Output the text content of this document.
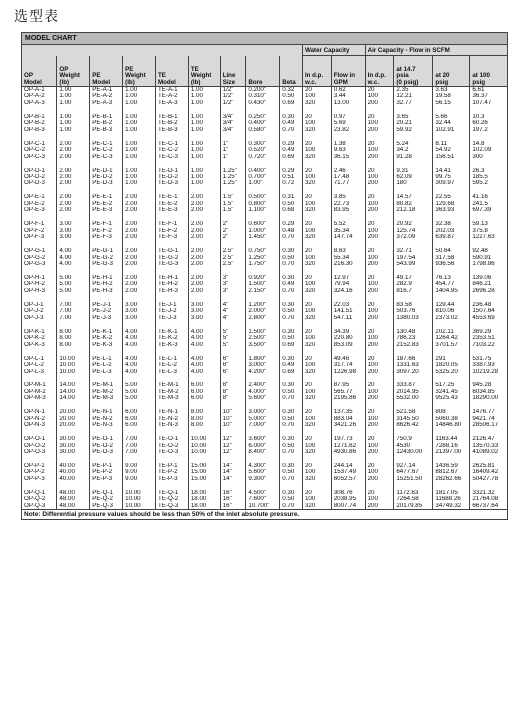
选型表
MODEL CHART
									Water Capacity		Air Capacity - Flow in SCFM			
OP
Model	OP
Weight
(lb)	PE
Model	PE
Weight
(lb)	TE
Model	TE
Weight
(lb)	Line
Size	Bore	Beta	In d.p.
w.c.	Flow in
GPM	In d.p.
w.c.	at 14.7
psia
(0 psig)	at 20
psig	at 100
psig
OP-A-1	1.00	PE-A-1	1.00	TE-A-1	1.00	1/2"	0.200"	0.32	20	0.62	20	2.35	3.63	6.61
OP-A-2	1.00	PE-A-2	1.00	TE-A-2	1.00	1/2"	0.310"	0.50	100	3.44	100	12.21	19.58	36.37
OP-A-3	1.00	PE-A-3	1.00	TE-A-3	1.00	1/2"	0.430"	0.69	320	13.00	200	32.77	56.15	107.47

OP-B-1	1.00	PE-B-1	1.00	TE-B-1	1.00	3/4"	0.250"	0.30	20	0.97	20	3.65	5.66	10.3
OP-B-2	1.00	PE-B-2	1.00	TE-B-2	1.00	3/4"	0.400"	0.49	100	5.69	100	20.21	32.44	60.26
OP-B-3	1.00	PE-B-3	1.00	TE-B-3	1.00	3/4"	0.580"	0.70	320	23.82	200	59.92	102.91	197.2

OP-C-1	2.00	PE-C-1	1.00	TE-C-1	1.00	1"	0.300"	0.29	20	1.38	20	5.24	8.11	14.8
OP-C-2	2.00	PE-C-2	1.00	TE-C-2	1.00	1"	0.520"	0.49	100	9.63	100	34.2	54.92	102.09
OP-C-3	2.00	PE-C-3	1.00	TE-C-3	1.00	1"	0.720"	0.69	320	36.15	200	91.28	156.51	300

OP-D-1	2.00	PE-D-1	1.00	TE-D-1	1.00	1.25"	0.400"	0.29	20	2.46	20	9.31	14.41	26.3
OP-D-2	2.00	PE-D-2	1.00	TE-D-2	1.00	1.25"	0.700"	0.51	100	17.48	100	62.09	99.75	185.5
OP-D-3	2.00	PE-D-3	1.00	TE-D-3	1.00	1.25"	1.00"	0.72	320	71.77	200	180	309.97	595.2

OP-E-1	2.00	PE-E-1	2.00	TE-E-1	2.00	1.5"	0.500"	0.31	20	3.85	20	14.57	22.55	41.16
OP-E-2	2.00	PE-E-2	2.00	TE-E-2	2.00	1.5"	0.800"	0.50	100	22.73	100	80.82	129.68	241.5
OP-E-3	2.00	PE-E-3	2.00	TE-E-3	2.00	1.5"	1.100"	0.68	320	83.95	200	212.18	363.93	697.39

OP-F-1	3.00	PE-F-1	2.00	TE-F-1	2.00	2"	0.600"	0.29	20	5.52	20	20.92	32.38	59.13
OP-F-2	3.00	PE-F-2	2.00	TE-F-2	2.00	2"	1.000"	0.48	100	35.34	100	125.74	202.03	375.8
OP-F-3	3.00	PE-F-3	2.00	TE-F-3	2.00	2"	1.450"	0.70	320	147.74	200	372.09	639.87	1227.63

OP-G-1	4.00	PE-G-1	2.00	TE-G-1	2.00	2.5"	0.750"	0.30	20	8.63	20	32.71	50.64	92.48
OP-G-2	4.00	PE-G-2	2.00	TE-G-2	2.00	2.5"	1.250"	0.50	100	55.34	100	197.54	317.58	590.91
OP-G-3	4.00	PE-G-3	2.00	TE-G-3	2.00	2.5"	1.750"	0.70	320	216.30	200	543.99	936.56	1798.86

OP-H-1	5.00	PE-H-1	2.00	TE-H-1	2.00	3"	0.920"	0.30	20	12.97	20	49.17	76.13	139.06
OP-H-2	5.00	PE-H-2	2.00	TE-H-2	2.00	3"	1.500"	0.49	100	79.94	100	282.9	454.77	846.21
OP-H-3	5.00	PE-H-3	2.00	TE-H-3	2.00	3"	2.150"	0.70	320	324.16	200	816.7	1404.95	2696.28

OP-J-1	7.00	PE-J-1	3.00	TE-J-1	3.00	4"	1.200"	0.30	20	22.03	20	83.58	129.44	236.48
OP-J-2	7.00	PE-J-2	3.00	TE-J-2	3.00	4"	2.000"	0.50	100	141.51	100	503.76	810.06	1507.64
OP-J-3	7.00	PE-J-3	3.00	TE-J-3	3.00	4"	2.800"	0.70	320	547.11	200	1380.03	2373.02	4553.69

OP-K-1	8.00	PE-K-1	4.00	TE-K-1	4.00	5"	1.500"	0.30	20	34.39	20	130.48	202.11	369.29
OP-K-2	8.00	PE-K-2	4.00	TE-K-2	4.00	5"	2.500"	0.50	100	220.80	100	786.23	1264.42	2353.51
OP-K-3	8.00	PE-K-3	4.00	TE-K-3	4.00	5"	3.500"	0.69	320	853.09	200	2152.83	3701.57	7103.22

OP-L-1	10.00	PE-L-1	4.00	TE-L-1	4.00	6"	1.800"	0.30	20	49.46	20	187.66	291	531.75
OP-L-2	10.00	PE-L-2	4.00	TE-L-2	4.00	6"	3.000"	0.49	100	317.74	100	1331.63	1820.05	3387.93
OP-L-3	10.00	PE-L-3	4.00	TE-L-3	4.00	6"	4.200"	0.69	320	1226.98	200	3097.20	5325.20	10219.28

OP-M-1	14.00	PE-M-1	5.00	TE-M-1	6.00	8"	2.400"	0.30	20	87.95	20	333.87	517.25	945.28
OP-M-2	14.00	PE-M-2	5.00	TE-M-2	6.00	8"	4.000"	0.50	100	565.77	100	2014.95	3241.45	6034.85
OP-M-3	14.00	PE-M-3	5.00	TE-M-3	6.00	8"	5.600"	0.70	320	2195.86	200	5532.00	9525.43	18290.00

OP-N-1	20.00	PE-N-1	6.00	TE-N-1	8.00	10"	3.000"	0.30	20	137.35	20	521.58	808	1476.77
OP-N-2	20.00	PE-N-2	6.00	TE-N-2	8.00	10"	5.000"	0.50	100	883.04	100	3145.50	5060.38	9421.74
OP-N-3	20.00	PE-N-3	6.00	TE-N-3	8.00	10"	7.000"	0.70	320	3421.26	200	8626.42	14846.80	28506.17

OP-O-1	30.00	PE-O-1	7.00	TE-O-1	10.00	12"	3.600"	0.30	20	197.73	20	750.9	1163.44	2126.47
OP-O-2	30.00	PE-O-2	7.00	TE-O-2	10.00	12"	6.000"	0.50	100	1271.62	100	4530	7288.16	13570.33
OP-O-3	30.00	PE-O-3	7.00	TE-O-3	10.00	12"	8.400"	0.70	320	4930.86	200	12430.00	21397.00	41089.02

OP-P-1	40.00	PE-P-1	9.00	TE-P-1	15.00	14"	4.300"	0.30	20	244.14	20	927.14	1436.59	2625.81
OP-P-2	40.00	PE-P-2	9.00	TE-P-2	15.00	14"	5.600"	0.50	100	1537.49	100	6477.67	8812.67	16409.42
OP-P-3	40.00	PE-P-3	9.00	TE-P-3	15.00	14"	9.300"	0.70	320	6052.57	200	15251.50	28262.66	50427.78

OP-Q-1	48.00	PE-Q-1	10.00	TE-Q-1	18.00	16"	4.500"	0.30	20	308.76	20	1172.63	1817.05	3321.32
OP-Q-2	48.00	PE-Q-2	10.00	TE-Q-2	18.00	16"	7.600"	0.50	100	2038.95	100	7264.58	11688.26	21764.08
OP-Q-3	48.00	PE-Q-3	10.00	TE-Q-3	18.00	16"	10.700"	0.70	320	8007.74	200	20179.85	34749.32	66737.64
Note: Differential pressure values should be less than 50% of the inlet absolute pressure.
